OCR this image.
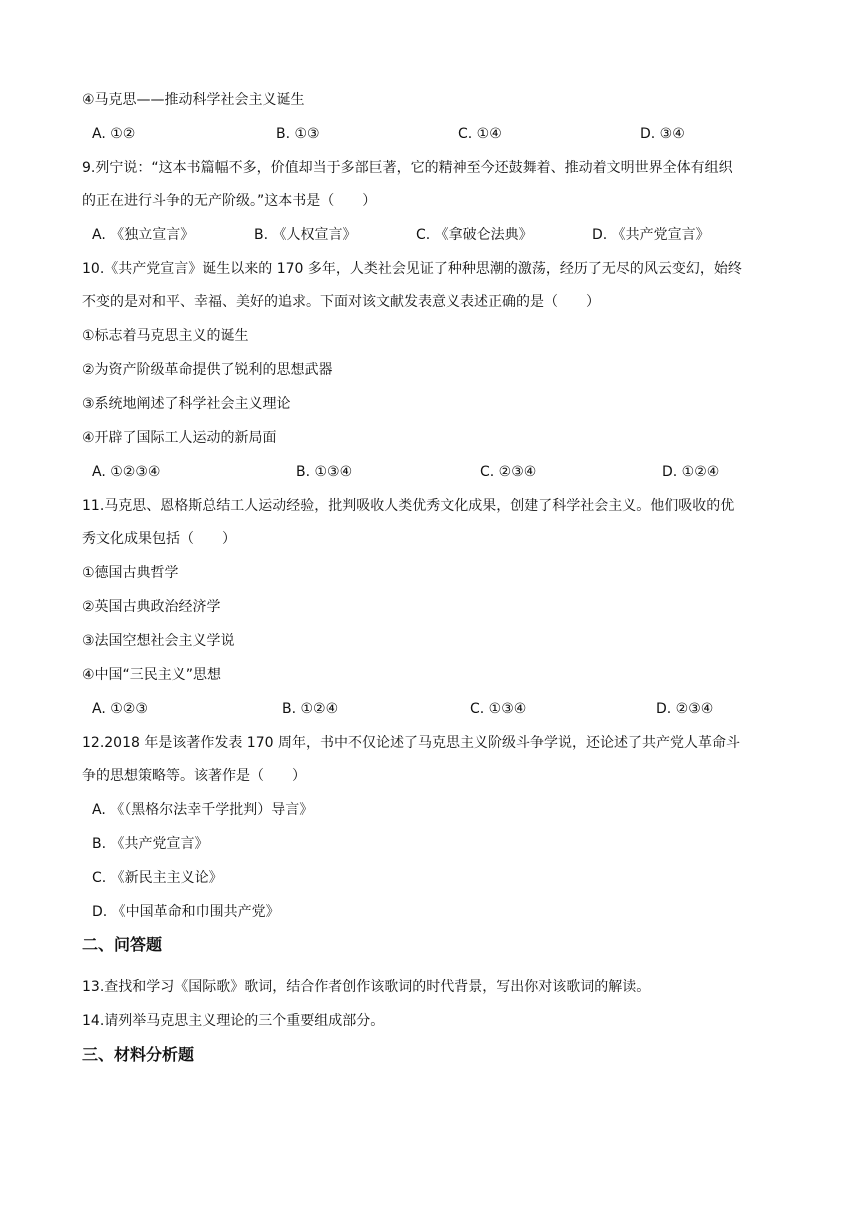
④马克思——推动科学社会主义诞生
A. ①②	B. ①③	C. ①④	D. ③④
9.列宁说：“这本书篇幅不多，价值却当于多部巨著，它的精神至今还鼓舞着、推动着文明世界全体有组织
的正在进行斗争的无产阶级。”这本书是（　　）
A. 《独立宣言》	B. 《人权宣言》	C. 《拿破仑法典》	D. 《共产党宣言》
10.《共产党宣言》诞生以来的 170 多年，人类社会见证了种种思潮的激荡，经历了无尽的风云变幻，始终
不变的是对和平、幸福、美好的追求。下面对该文献发表意义表述正确的是（　　）
①标志着马克思主义的诞生
②为资产阶级革命提供了锐利的思想武器
③系统地阐述了科学社会主义理论
④开辟了国际工人运动的新局面
A. ①②③④	B. ①③④	C. ②③④	D. ①②④
11.马克思、恩格斯总结工人运动经验，批判吸收人类优秀文化成果，创建了科学社会主义。他们吸收的优
秀文化成果包括（　　）
①德国古典哲学
②英国古典政治经济学
③法国空想社会主义学说
④中国“三民主义”思想
A. ①②③	B. ①②④	C. ①③④	D. ②③④
12.2018 年是该著作发表 170 周年，书中不仅论述了马克思主义阶级斗争学说，还论述了共产党人革命斗
争的思想策略等。该著作是（　　）
A. 《（黑格尔法幸千学批判）导言》
B. 《共产党宣言》
C. 《新民主主义论》
D. 《中国革命和巾围共产党》
二、问答题
13.查找和学习《国际歌》歌词，结合作者创作该歌词的时代背景，写出你对该歌词的解读。
14.请列举马克思主义理论的三个重要组成部分。
三、材料分析题
